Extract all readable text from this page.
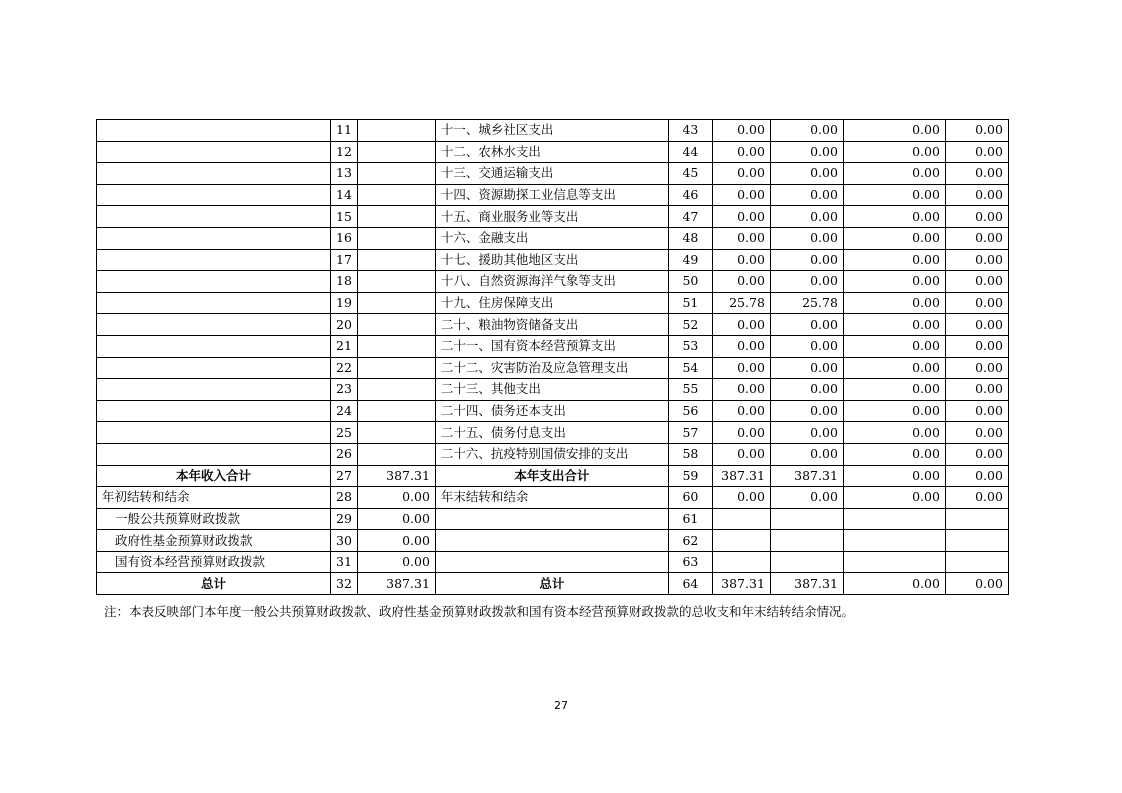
	11		十一、城乡社区支出	43	0.00	0.00	0.00	0.00
	12		十二、农林水支出	44	0.00	0.00	0.00	0.00
	13		十三、交通运输支出	45	0.00	0.00	0.00	0.00
	14		十四、资源勘探工业信息等支出	46	0.00	0.00	0.00	0.00
	15		十五、商业服务业等支出	47	0.00	0.00	0.00	0.00
	16		十六、金融支出	48	0.00	0.00	0.00	0.00
	17		十七、援助其他地区支出	49	0.00	0.00	0.00	0.00
	18		十八、自然资源海洋气象等支出	50	0.00	0.00	0.00	0.00
	19		十九、住房保障支出	51	25.78	25.78	0.00	0.00
	20		二十、粮油物资储备支出	52	0.00	0.00	0.00	0.00
	21		二十一、国有资本经营预算支出	53	0.00	0.00	0.00	0.00
	22		二十二、灾害防治及应急管理支出	54	0.00	0.00	0.00	0.00
	23		二十三、其他支出	55	0.00	0.00	0.00	0.00
	24		二十四、债务还本支出	56	0.00	0.00	0.00	0.00
	25		二十五、债务付息支出	57	0.00	0.00	0.00	0.00
	26		二十六、抗疫特别国债安排的支出	58	0.00	0.00	0.00	0.00
本年收入合计	27	387.31	本年支出合计	59	387.31	387.31	0.00	0.00
年初结转和结余	28	0.00	年末结转和结余	60	0.00	0.00	0.00	0.00
一般公共预算财政拨款	29	0.00		61				
政府性基金预算财政拨款	30	0.00		62				
国有资本经营预算财政拨款	31	0.00		63				
总计	32	387.31	总计	64	387.31	387.31	0.00	0.00
注：本表反映部门本年度一般公共预算财政拨款、政府性基金预算财政拨款和国有资本经营预算财政拨款的总收支和年末结转结余情况。
27
